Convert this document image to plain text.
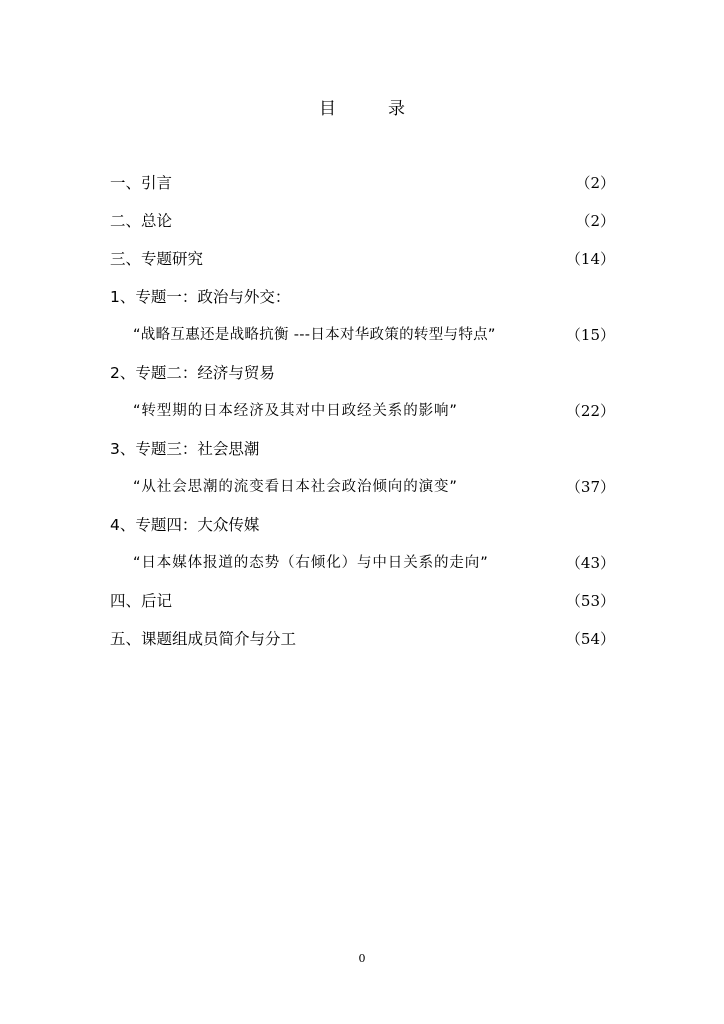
目	录
一、引言	（2）
二、总论	（2）
三、专题研究	（14）
1、专题一：政治与外交：
“战略互惠还是战略抗衡 ---日本对华政策的转型与特点”	（15）
2、专题二：经济与贸易
“转型期的日本经济及其对中日政经关系的影响”	（22）
3、专题三：社会思潮
“从社会思潮的流变看日本社会政治倾向的演变”	（37）
4、专题四：大众传媒
“日本媒体报道的态势（右倾化）与中日关系的走向”	（43）
四、后记	（53）
五、课题组成员简介与分工	（54）
0
